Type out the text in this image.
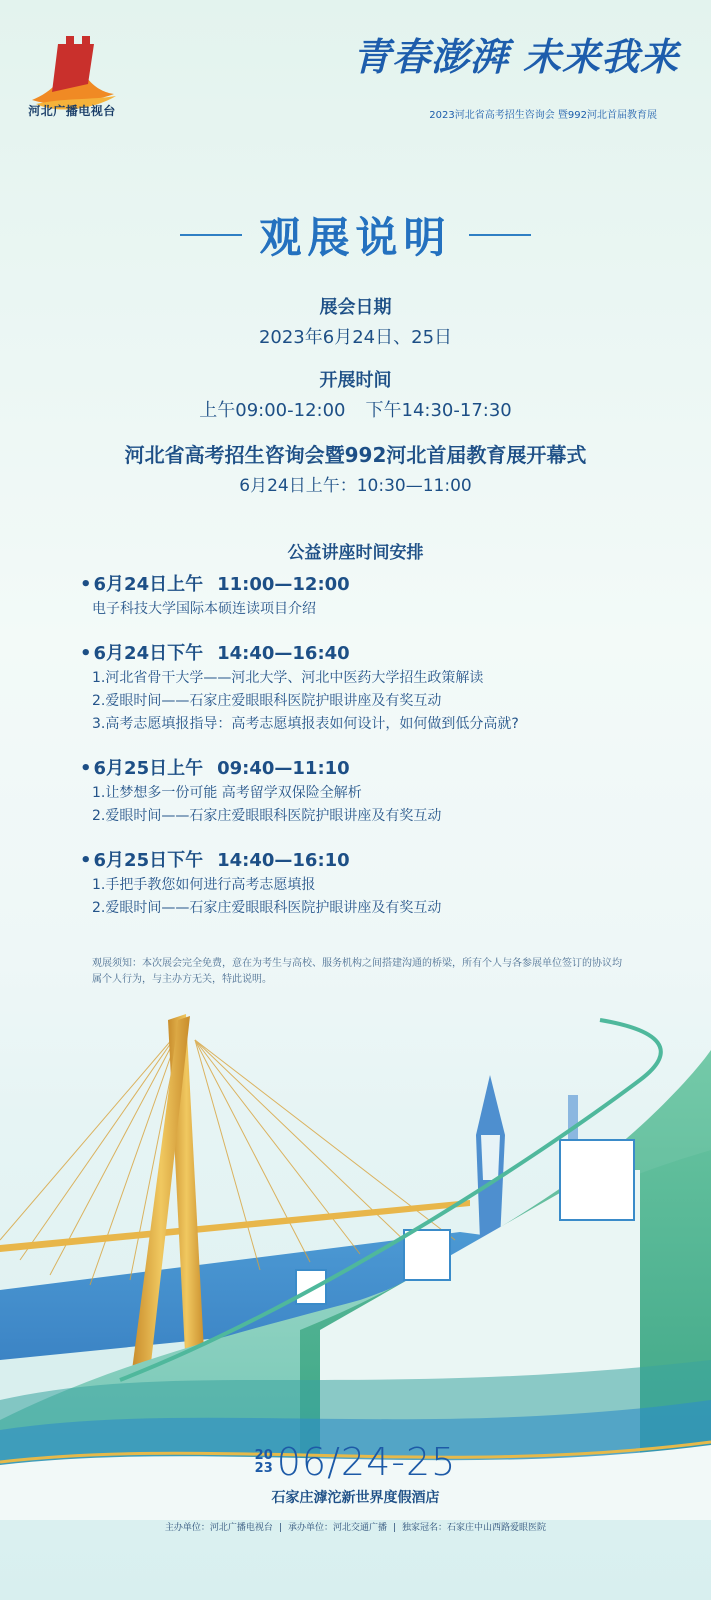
河北广播电视台
青春澎湃 未来我来
2023河北省高考招生咨询会 暨992河北首届教育展
观展说明
展会日期
2023年6月24日、25日
开展时间
上午09:00-12:00 下午14:30-17:30
河北省高考招生咨询会暨992河北首届教育展开幕式
6月24日上午：10:30—11:00
公益讲座时间安排
• 6月24日上午 11:00—12:00
电子科技大学国际本硕连读项目介绍
• 6月24日下午 14:40—16:40
1.河北省骨干大学——河北大学、河北中医药大学招生政策解读
2.爱眼时间——石家庄爱眼眼科医院护眼讲座及有奖互动
3.高考志愿填报指导：高考志愿填报表如何设计，如何做到低分高就?
• 6月25日上午 09:40—11:10
1.让梦想多一份可能 高考留学双保险全解析
2.爱眼时间——石家庄爱眼眼科医院护眼讲座及有奖互动
• 6月25日下午 14:40—16:10
1.手把手教您如何进行高考志愿填报
2.爱眼时间——石家庄爱眼眼科医院护眼讲座及有奖互动
观展须知：本次展会完全免费，意在为考生与高校、服务机构之间搭建沟通的桥梁，所有个人与各参展单位签订的协议均属个人行为，与主办方无关，特此说明。
20
23 06/24-25
石家庄滹沱新世界度假酒店
主办单位：河北广播电视台 | 承办单位：河北交通广播 | 独家冠名：石家庄中山西路爱眼医院
